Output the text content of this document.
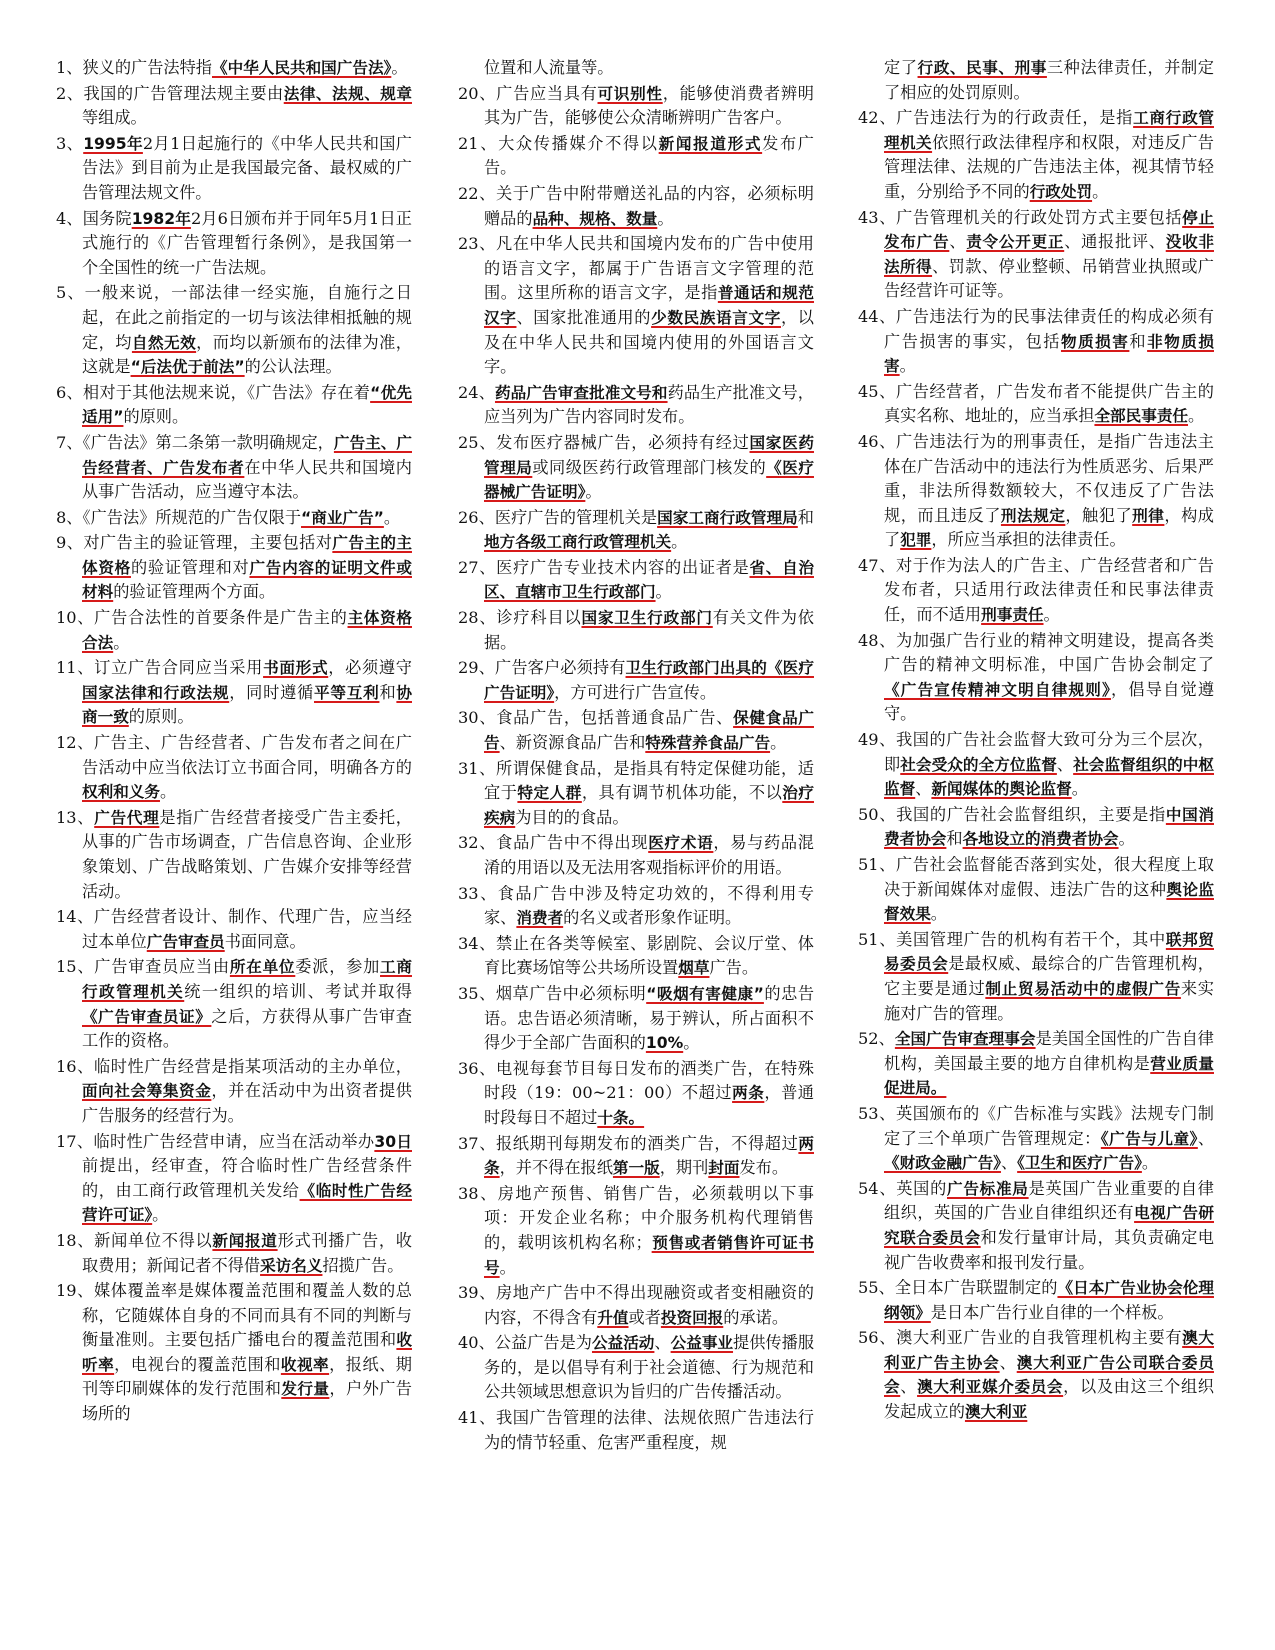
1、狭义的广告法特指《中华人民共和国广告法》。
2、我国的广告管理法规主要由法律、法规、规章等组成。
3、1995年2月1日起施行的《中华人民共和国广告法》到目前为止是我国最完备、最权威的广告管理法规文件。
4、国务院1982年2月6日颁布并于同年5月1日正式施行的《广告管理暂行条例》，是我国第一个全国性的统一广告法规。
5、一般来说，一部法律一经实施，自施行之日起，在此之前指定的一切与该法律相抵触的规定，均自然无效，而均以新颁布的法律为准，这就是“后法优于前法”的公认法理。
6、相对于其他法规来说，《广告法》存在着“优先适用”的原则。
7、《广告法》第二条第一款明确规定，广告主、广告经营者、广告发布者在中华人民共和国境内从事广告活动，应当遵守本法。
8、《广告法》所规范的广告仅限于“商业广告”。
9、对广告主的验证管理，主要包括对广告主的主体资格的验证管理和对广告内容的证明文件或材料的验证管理两个方面。
10、广告合法性的首要条件是广告主的主体资格合法。
11、订立广告合同应当采用书面形式，必须遵守国家法律和行政法规，同时遵循平等互利和协商一致的原则。
12、广告主、广告经营者、广告发布者之间在广告活动中应当依法订立书面合同，明确各方的权利和义务。
13、广告代理是指广告经营者接受广告主委托，从事的广告市场调查，广告信息咨询、企业形象策划、广告战略策划、广告媒介安排等经营活动。
14、广告经营者设计、制作、代理广告，应当经过本单位广告审查员书面同意。
15、广告审查员应当由所在单位委派，参加工商行政管理机关统一组织的培训、考试并取得《广告审查员证》之后，方获得从事广告审查工作的资格。
16、临时性广告经营是指某项活动的主办单位，面向社会筹集资金，并在活动中为出资者提供广告服务的经营行为。
17、临时性广告经营申请，应当在活动举办30日前提出，经审查，符合临时性广告经营条件的，由工商行政管理机关发给《临时性广告经营许可证》。
18、新闻单位不得以新闻报道形式刊播广告，收取费用；新闻记者不得借采访名义招揽广告。
19、媒体覆盖率是媒体覆盖范围和覆盖人数的总称，它随媒体自身的不同而具有不同的判断与衡量准则。主要包括广播电台的覆盖范围和收听率，电视台的覆盖范围和收视率，报纸、期刊等印刷媒体的发行范围和发行量，户外广告场所的
位置和人流量等。
20、广告应当具有可识别性，能够使消费者辨明其为广告，能够使公众清晰辨明广告客户。
21、大众传播媒介不得以新闻报道形式发布广告。
22、关于广告中附带赠送礼品的内容，必须标明赠品的品种、规格、数量。
23、凡在中华人民共和国境内发布的广告中使用的语言文字，都属于广告语言文字管理的范围。这里所称的语言文字，是指普通话和规范汉字、国家批准通用的少数民族语言文字，以及在中华人民共和国境内使用的外国语言文字。
24、药品广告审查批准文号和药品生产批准文号，应当列为广告内容同时发布。
25、发布医疗器械广告，必须持有经过国家医药管理局或同级医药行政管理部门核发的《医疗器械广告证明》。
26、医疗广告的管理机关是国家工商行政管理局和地方各级工商行政管理机关。
27、医疗广告专业技术内容的出证者是省、自治区、直辖市卫生行政部门。
28、诊疗科目以国家卫生行政部门有关文件为依据。
29、广告客户必须持有卫生行政部门出具的《医疗广告证明》，方可进行广告宣传。
30、食品广告，包括普通食品广告、保健食品广告、新资源食品广告和特殊营养食品广告。
31、所谓保健食品，是指具有特定保健功能，适宜于特定人群，具有调节机体功能，不以治疗疾病为目的的食品。
32、食品广告中不得出现医疗术语，易与药品混淆的用语以及无法用客观指标评价的用语。
33、食品广告中涉及特定功效的，不得利用专家、消费者的名义或者形象作证明。
34、禁止在各类等候室、影剧院、会议厅堂、体育比赛场馆等公共场所设置烟草广告。
35、烟草广告中必须标明“吸烟有害健康”的忠告语。忠告语必须清晰，易于辨认，所占面积不得少于全部广告面积的10%。
36、电视每套节目每日发布的酒类广告，在特殊时段（19：00~21：00）不超过两条，普通时段每日不超过十条。
37、报纸期刊每期发布的酒类广告，不得超过两条，并不得在报纸第一版，期刊封面发布。
38、房地产预售、销售广告，必须载明以下事项：开发企业名称；中介服务机构代理销售的，载明该机构名称；预售或者销售许可证书号。
39、房地产广告中不得出现融资或者变相融资的内容，不得含有升值或者投资回报的承诺。
40、公益广告是为公益活动、公益事业提供传播服务的，是以倡导有利于社会道德、行为规范和公共领域思想意识为旨归的广告传播活动。
41、我国广告管理的法律、法规依照广告违法行为的情节轻重、危害严重程度，规
定了行政、民事、刑事三种法律责任，并制定了相应的处罚原则。
42、广告违法行为的行政责任，是指工商行政管理机关依照行政法律程序和权限，对违反广告管理法律、法规的广告违法主体，视其情节轻重，分别给予不同的行政处罚。
43、广告管理机关的行政处罚方式主要包括停止发布广告、责令公开更正、通报批评、没收非法所得、罚款、停业整顿、吊销营业执照或广告经营许可证等。
44、广告违法行为的民事法律责任的构成必须有广告损害的事实，包括物质损害和非物质损害。
45、广告经营者，广告发布者不能提供广告主的真实名称、地址的，应当承担全部民事责任。
46、广告违法行为的刑事责任，是指广告违法主体在广告活动中的违法行为性质恶劣、后果严重，非法所得数额较大，不仅违反了广告法规，而且违反了刑法规定，触犯了刑律，构成了犯罪，所应当承担的法律责任。
47、对于作为法人的广告主、广告经营者和广告发布者，只适用行政法律责任和民事法律责任，而不适用刑事责任。
48、为加强广告行业的精神文明建设，提高各类广告的精神文明标准，中国广告协会制定了《广告宣传精神文明自律规则》，倡导自觉遵守。
49、我国的广告社会监督大致可分为三个层次，即社会受众的全方位监督、社会监督组织的中枢监督、新闻媒体的舆论监督。
50、我国的广告社会监督组织，主要是指中国消费者协会和各地设立的消费者协会。
51、广告社会监督能否落到实处，很大程度上取决于新闻媒体对虚假、违法广告的这种舆论监督效果。
51、美国管理广告的机构有若干个，其中联邦贸易委员会是最权威、最综合的广告管理机构，它主要是通过制止贸易活动中的虚假广告来实施对广告的管理。
52、全国广告审查理事会是美国全国性的广告自律机构，美国最主要的地方自律机构是营业质量促进局。
53、英国颁布的《广告标准与实践》法规专门制定了三个单项广告管理规定：《广告与儿童》、《财政金融广告》、《卫生和医疗广告》。
54、英国的广告标准局是英国广告业重要的自律组织，英国的广告业自律组织还有电视广告研究联合委员会和发行量审计局，其负责确定电视广告收费率和报刊发行量。
55、全日本广告联盟制定的《日本广告业协会伦理纲领》是日本广告行业自律的一个样板。
56、澳大利亚广告业的自我管理机构主要有澳大利亚广告主协会、澳大利亚广告公司联合委员会、澳大利亚媒介委员会，以及由这三个组织发起成立的澳大利亚
